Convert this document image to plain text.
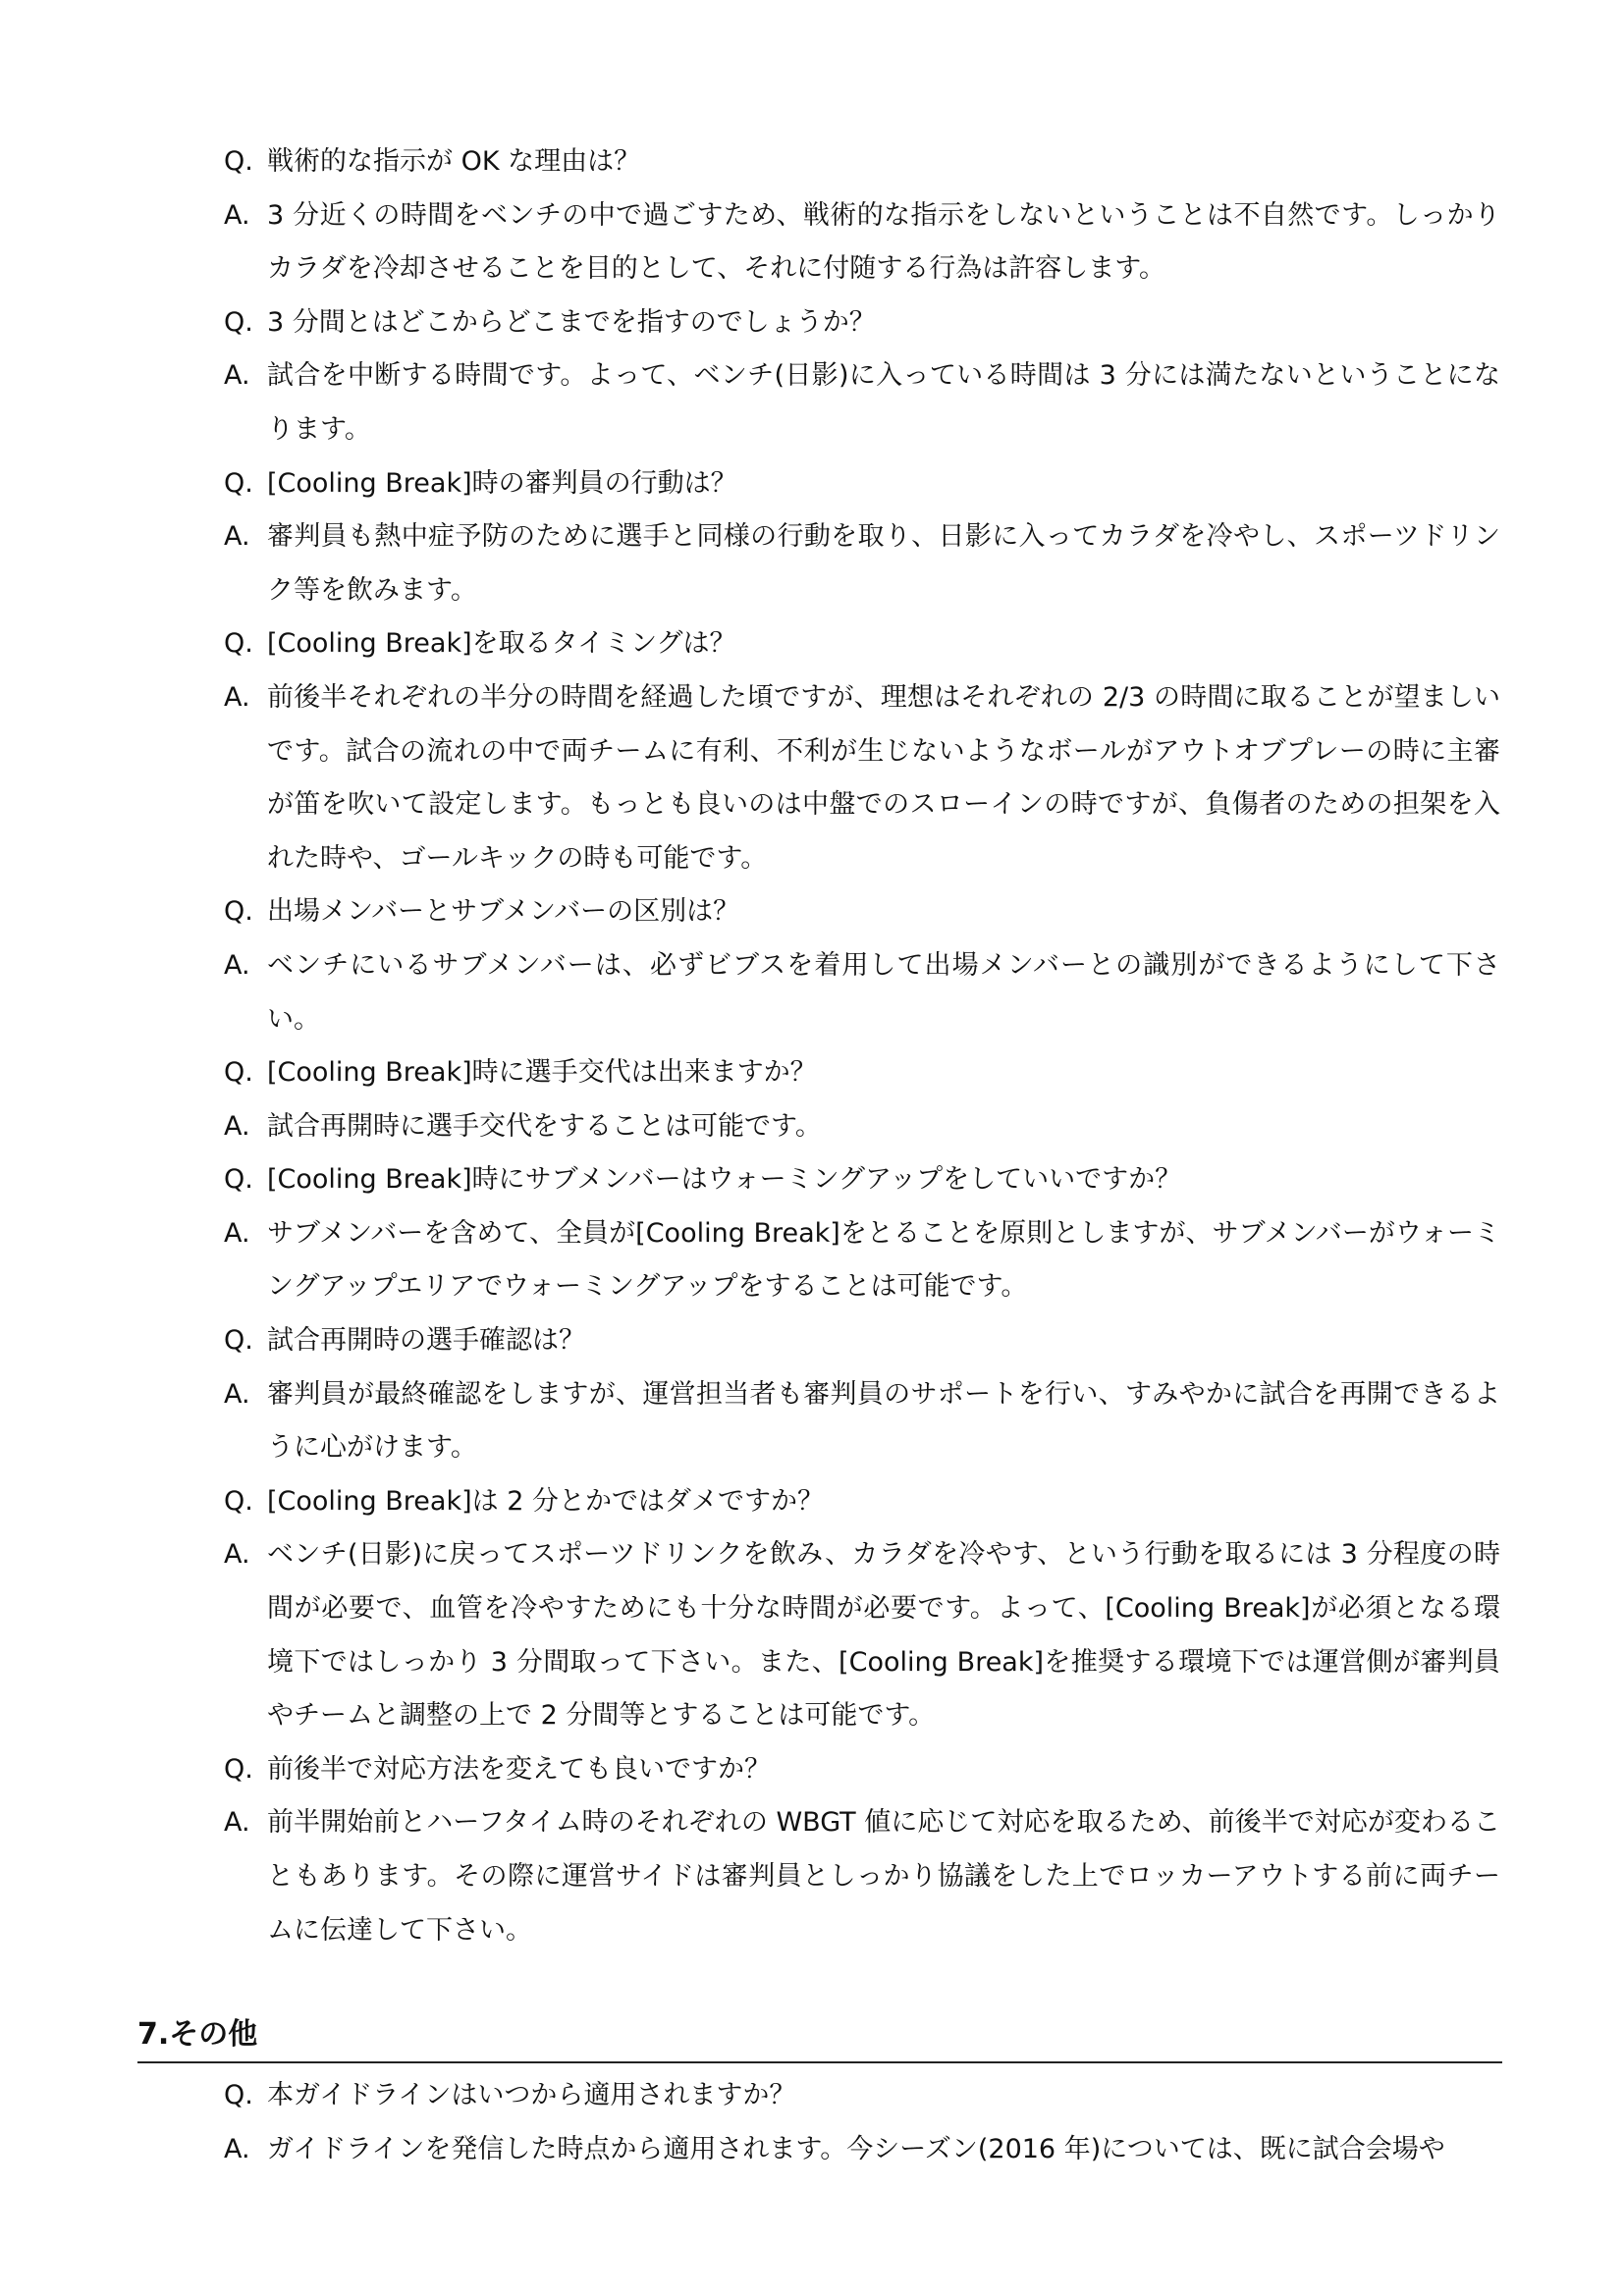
Q. 戦術的な指示が OK な理由は？
A. 3 分近くの時間をベンチの中で過ごすため、戦術的な指示をしないということは不自然です。しっかりカラダを冷却させることを目的として、それに付随する行為は許容します。
Q. 3 分間とはどこからどこまでを指すのでしょうか？
A. 試合を中断する時間です。よって、ベンチ(日影)に入っている時間は 3 分には満たないということになります。
Q. [Cooling Break]時の審判員の行動は？
A. 審判員も熱中症予防のために選手と同様の行動を取り、日影に入ってカラダを冷やし、スポーツドリンク等を飲みます。
Q. [Cooling Break]を取るタイミングは？
A. 前後半それぞれの半分の時間を経過した頃ですが、理想はそれぞれの 2/3 の時間に取ることが望ましいです。試合の流れの中で両チームに有利、不利が生じないようなボールがアウトオブプレーの時に主審が笛を吹いて設定します。もっとも良いのは中盤でのスローインの時ですが、負傷者のための担架を入れた時や、ゴールキックの時も可能です。
Q. 出場メンバーとサブメンバーの区別は？
A. ベンチにいるサブメンバーは、必ずビブスを着用して出場メンバーとの識別ができるようにして下さい。
Q. [Cooling Break]時に選手交代は出来ますか？
A. 試合再開時に選手交代をすることは可能です。
Q. [Cooling Break]時にサブメンバーはウォーミングアップをしていいですか？
A. サブメンバーを含めて、全員が[Cooling Break]をとることを原則としますが、サブメンバーがウォーミングアップエリアでウォーミングアップをすることは可能です。
Q. 試合再開時の選手確認は？
A. 審判員が最終確認をしますが、運営担当者も審判員のサポートを行い、すみやかに試合を再開できるように心がけます。
Q. [Cooling Break]は 2 分とかではダメですか？
A. ベンチ(日影)に戻ってスポーツドリンクを飲み、カラダを冷やす、という行動を取るには 3 分程度の時間が必要で、血管を冷やすためにも十分な時間が必要です。よって、[Cooling Break]が必須となる環境下ではしっかり 3 分間取って下さい。また、[Cooling Break]を推奨する環境下では運営側が審判員やチームと調整の上で 2 分間等とすることは可能です。
Q. 前後半で対応方法を変えても良いですか？
A. 前半開始前とハーフタイム時のそれぞれの WBGT 値に応じて対応を取るため、前後半で対応が変わることもあります。その際に運営サイドは審判員としっかり協議をした上でロッカーアウトする前に両チームに伝達して下さい。
7.その他
Q. 本ガイドラインはいつから適用されますか？
A. ガイドラインを発信した時点から適用されます。今シーズン(2016 年)については、既に試合会場や
